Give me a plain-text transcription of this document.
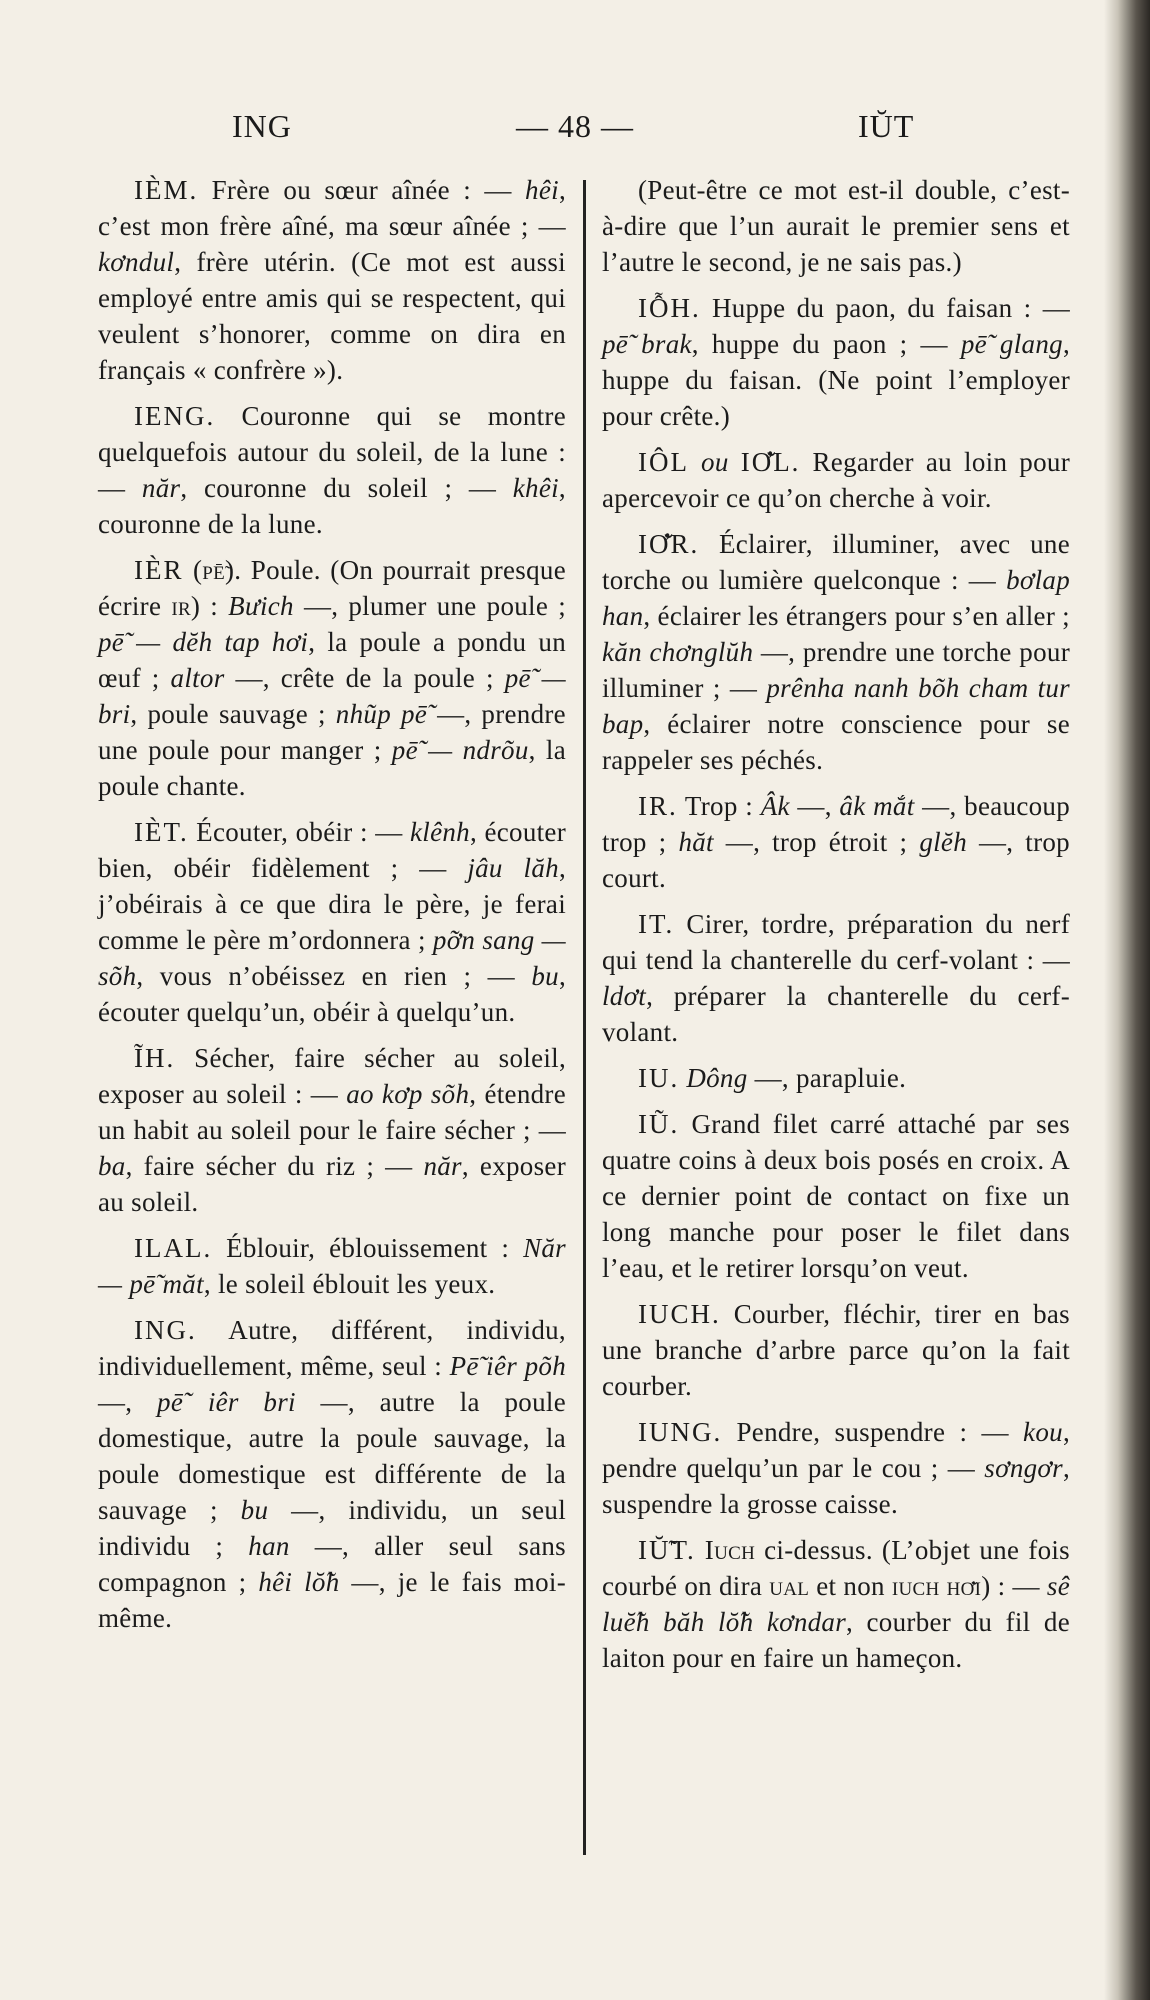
ING	— 48 —	IŬT

IÈM. Frère ou sœur aînée : — hêi, c’est mon frère aîné, ma sœur aînée ; — kơndul, frère utérin. (Ce mot est aussi employé entre amis qui se respectent, qui veulent s’honorer, comme on dira en français « confrère »).

IENG. Couronne qui se montre quelquefois autour du soleil, de la lune : — năr, couronne du soleil ; — khêi, couronne de la lune.

IÈR (pē̃). Poule. (On pourrait presque écrire ir) : Bưich —, plumer une poule ; pē̃ — dĕh tap hơi, la poule a pondu un œuf ; altor —, crête de la poule ; pē̃ — bri, poule sauvage ; nhũp pē̃ —, prendre une poule pour manger ; pē̃ — ndrõu, la poule chante.

IÈT. Écouter, obéir : — klênh, écouter bien, obéir fidèlement ; — jâu lăh, j’obéirais à ce que dira le père, je ferai comme le père m’ordonnera ; pỡn sang — sõh, vous n’obéissez en rien ; — bu, écouter quelqu’un, obéir à quelqu’un.

ĨH. Sécher, faire sécher au soleil, exposer au soleil : — ao kơp sõh, étendre un habit au soleil pour le faire sécher ; — ba, faire sécher du riz ; — năr, exposer au soleil.

ILAL. Éblouir, éblouissement : Năr — pē̃ măt, le soleil éblouit les yeux.

ING. Autre, différent, individu, individuellement, même, seul : Pē̃ iêr põh —, pē̃ iêr bri —, autre la poule domestique, autre la poule sauvage, la poule domestique est différente de la sauvage ; bu —, individu, un seul individu ; han —, aller seul sans compagnon ; hêi lŏ̃h —, je le fais moi-même.

(Peut-être ce mot est-il double, c’est-à-dire que l’un aurait le premier sens et l’autre le second, je ne sais pas.)

IỖH. Huppe du paon, du faisan : — pē̃ brak, huppe du paon ; — pē̃ glang, huppe du faisan. (Ne point l’employer pour crête.)

IÔL ou IƠ̆L. Regarder au loin pour apercevoir ce qu’on cherche à voir.

IƠ̆R. Éclairer, illuminer, avec une torche ou lumière quelconque : — bơlap han, éclairer les étrangers pour s’en aller ; kăn chơnglŭh —, prendre une torche pour illuminer ; — prênha nanh bõh cham tur bap, éclairer notre conscience pour se rappeler ses péchés.

IR. Trop : Âk —, âk mắt —, beaucoup trop ; hăt —, trop étroit ; glĕh —, trop court.

IT. Cirer, tordre, préparation du nerf qui tend la chanterelle du cerf-volant : — ldơt, préparer la chanterelle du cerf-volant.

IU. Dông —, parapluie.

IŨ. Grand filet carré attaché par ses quatre coins à deux bois posés en croix. A ce dernier point de contact on fixe un long manche pour poser le filet dans l’eau, et le retirer lorsqu’on veut.

IUCH. Courber, fléchir, tirer en bas une branche d’arbre parce qu’on la fait courber.

IUNG. Pendre, suspendre : — kou, pendre quelqu’un par le cou ; — sơngơr, suspendre la grosse caisse.

IŬ̃T. Iuch ci-dessus. (L’objet une fois courbé on dira ual et non iuch hơ̆i) : — sê luĕ̃h băh lŏ̃h kơndar, courber du fil de laiton pour en faire un hameçon.
